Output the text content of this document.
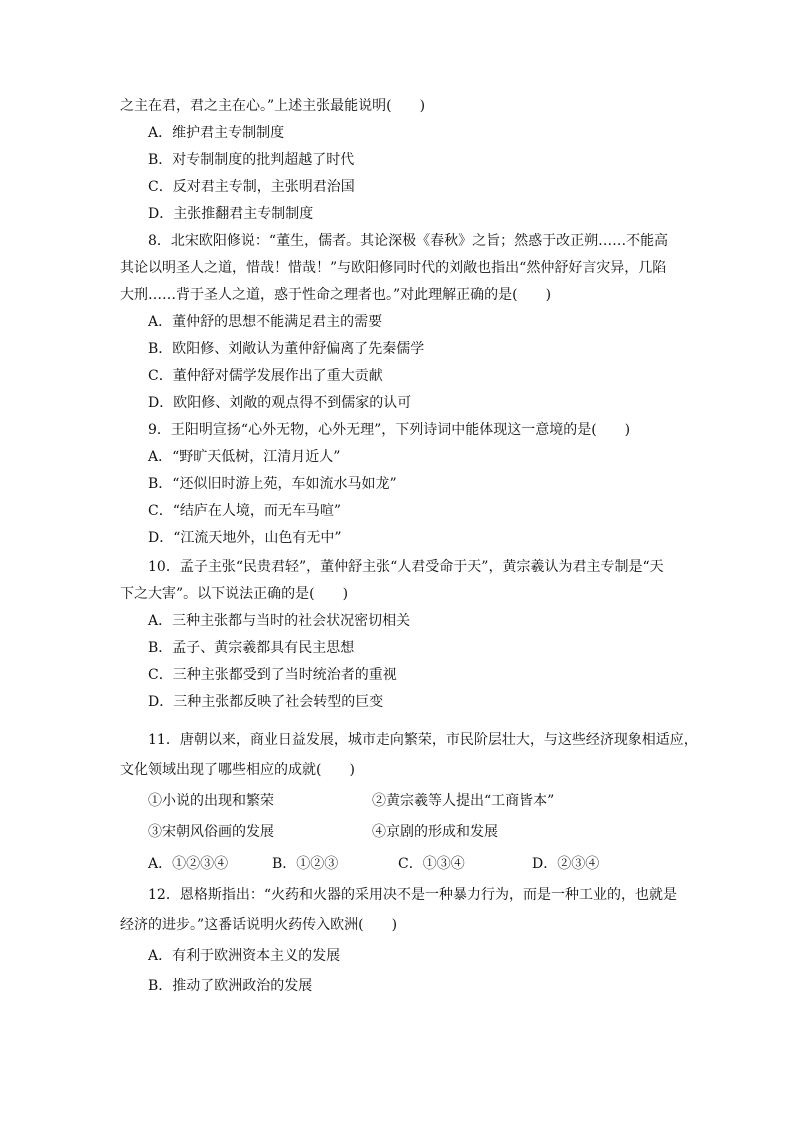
之主在君，君之主在心。”上述主张最能说明(　　)
A．维护君主专制制度
B．对专制制度的批判超越了时代
C．反对君主专制，主张明君治国
D．主张推翻君主专制制度
8．北宋欧阳修说：“董生，儒者。其论深极《春秋》之旨；然惑于改正朔……不能高
其论以明圣人之道，惜哉！惜哉！”与欧阳修同时代的刘敞也指出“然仲舒好言灾异，几陷
大刑……背于圣人之道，惑于性命之理者也。”对此理解正确的是(　　)
A．董仲舒的思想不能满足君主的需要
B．欧阳修、刘敞认为董仲舒偏离了先秦儒学
C．董仲舒对儒学发展作出了重大贡献
D．欧阳修、刘敞的观点得不到儒家的认可
9．王阳明宣扬“心外无物，心外无理”，下列诗词中能体现这一意境的是(　　)
A．“野旷天低树，江清月近人”
B．“还似旧时游上苑，车如流水马如龙”
C．“结庐在人境，而无车马喧”
D．“江流天地外，山色有无中”
10．孟子主张“民贵君轻”，董仲舒主张“人君受命于天”，黄宗羲认为君主专制是“天
下之大害”。以下说法正确的是(　　)
A．三种主张都与当时的社会状况密切相关
B．孟子、黄宗羲都具有民主思想
C．三种主张都受到了当时统治者的重视
D．三种主张都反映了社会转型的巨变
11．唐朝以来，商业日益发展，城市走向繁荣，市民阶层壮大，与这些经济现象相适应，
文化领域出现了哪些相应的成就(　　)
①小说的出现和繁荣	②黄宗羲等人提出“工商皆本”
③宋朝风俗画的发展	④京剧的形成和发展
A．①②③④	B．①②③	C．①③④	D．②③④
12．恩格斯指出：“火药和火器的采用决不是一种暴力行为，而是一种工业的，也就是
经济的进步。”这番话说明火药传入欧洲(　　)
A．有利于欧洲资本主义的发展
B．推动了欧洲政治的发展
